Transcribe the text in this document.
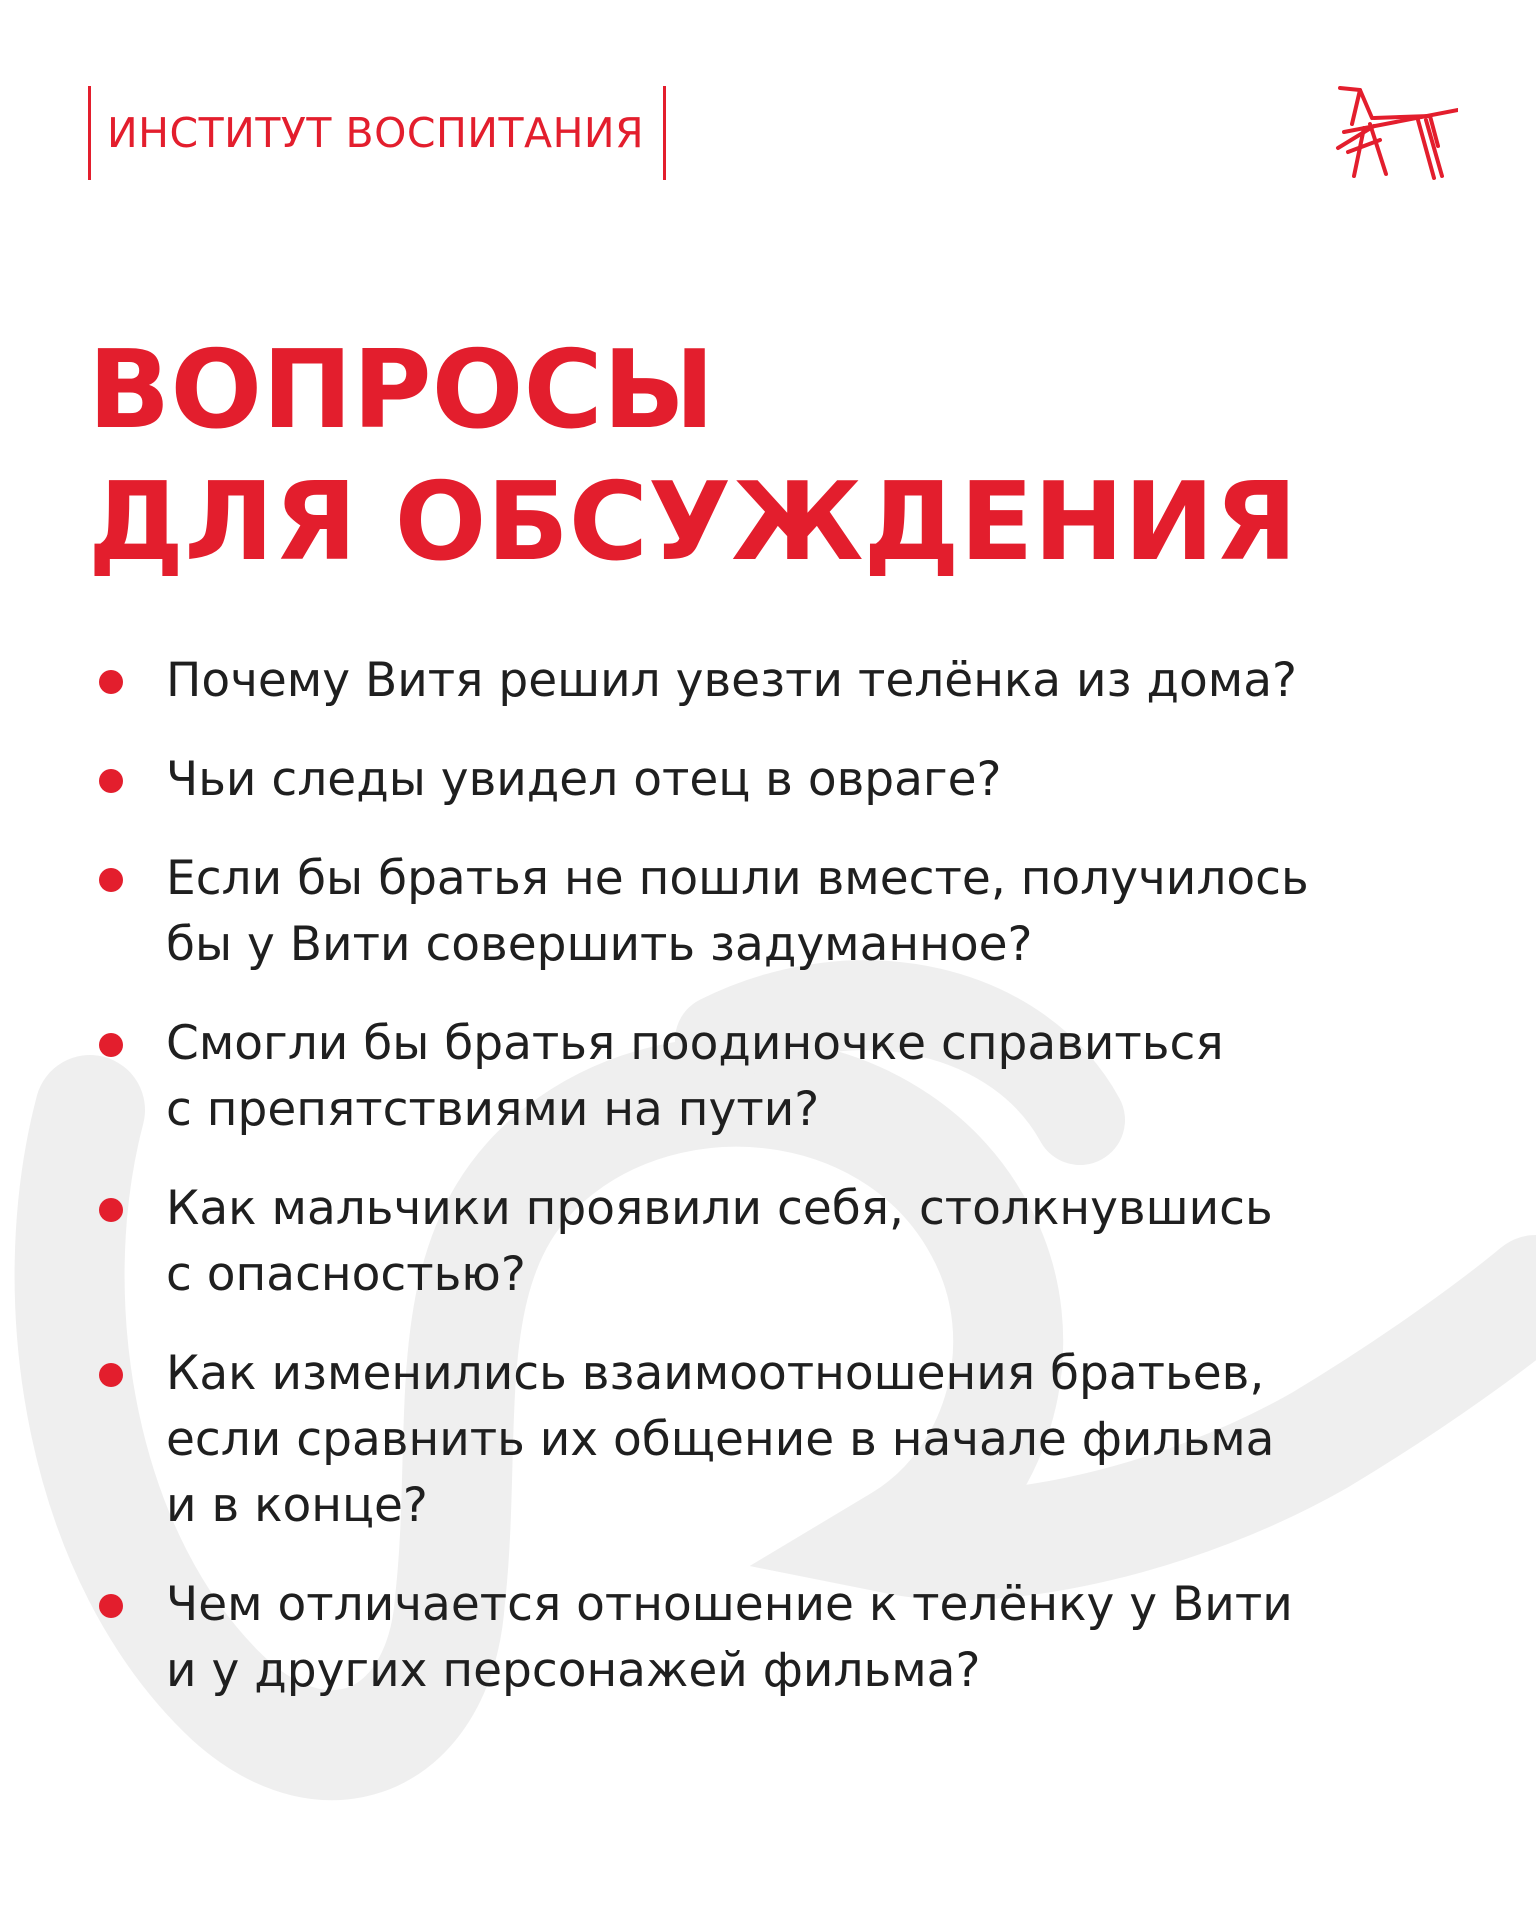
ИНСТИТУТ ВОСПИТАНИЯ
ВОПРОСЫ
ДЛЯ ОБСУЖДЕНИЯ
Почему Витя решил увезти телёнка из дома?
Чьи следы увидел отец в овраге?
Если бы братья не пошли вместе, получилось
бы у Вити совершить задуманное?
Смогли бы братья поодиночке справиться
с препятствиями на пути?
Как мальчики проявили себя, столкнувшись
с опасностью?
Как изменились взаимоотношения братьев,
если сравнить их общение в начале фильма
и в конце?
Чем отличается отношение к телёнку у Вити
и у других персонажей фильма?
